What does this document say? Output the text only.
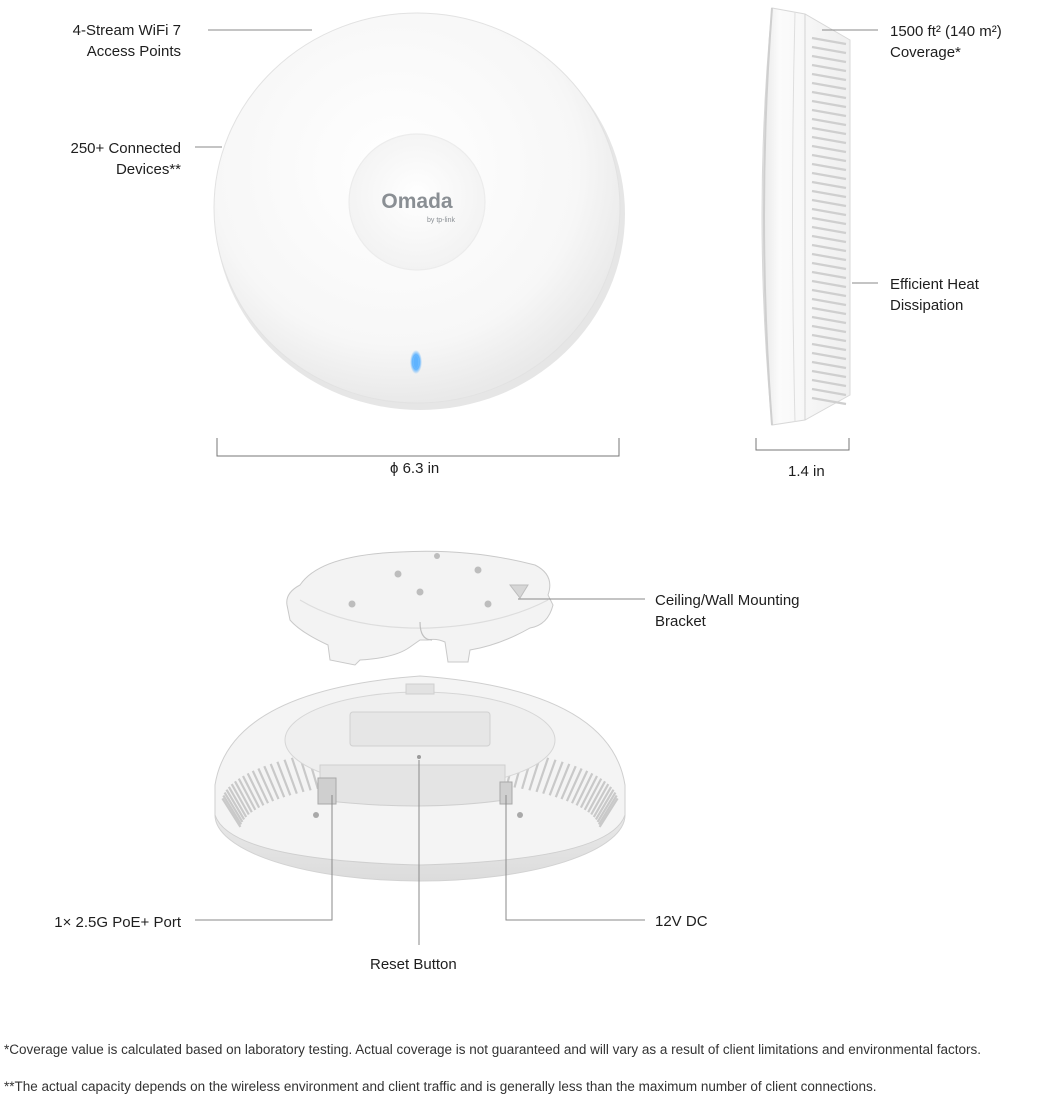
Omada
by tp-link
4-Stream WiFi 7
Access Points
250+ Connected
Devices**
1500 ft² (140 m²)
Coverage*
Efficient Heat
Dissipation
ϕ 6.3 in	1.4 in
Ceiling/Wall Mounting
Bracket
1× 2.5G PoE+ Port	12V DC
Reset Button
*Coverage value is calculated based on laboratory testing. Actual coverage is not guaranteed and will vary as a result of client limitations and environmental factors.
**The actual capacity depends on the wireless environment and client traffic and is generally less than the maximum number of client connections.
